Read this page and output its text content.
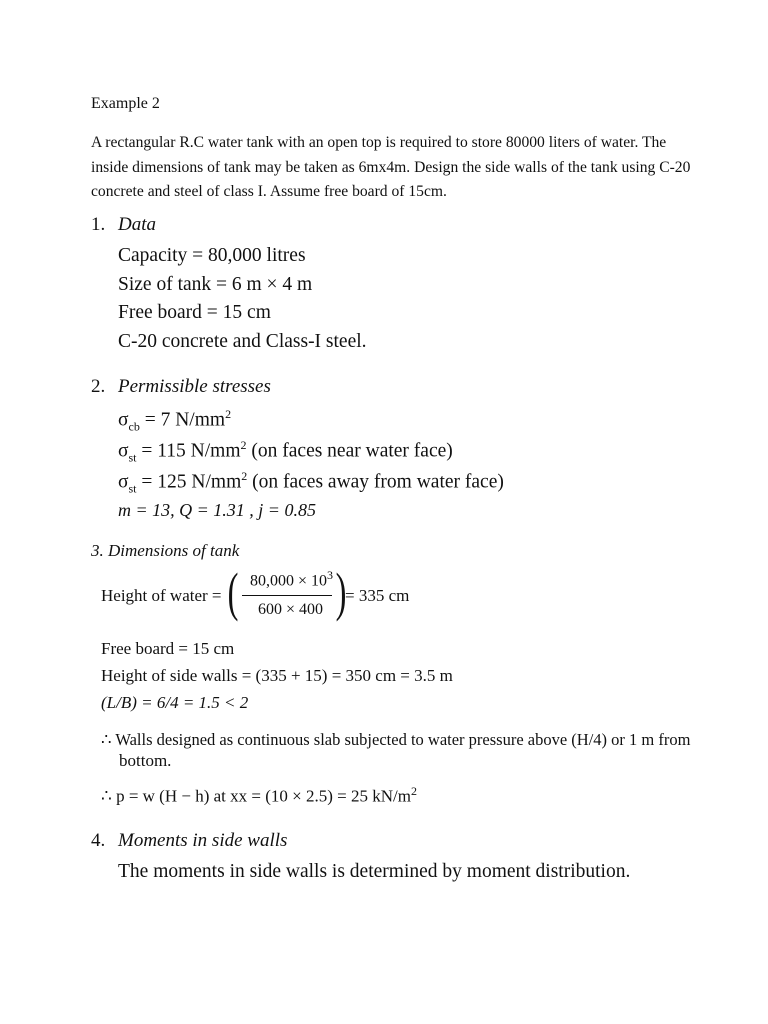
Example 2
A rectangular R.C water tank with an open top is required to store 80000 liters of water. The inside dimensions of tank may be taken as 6mx4m. Design the side walls of the tank using C-20 concrete and steel of class I. Assume free board of 15cm.
1. Data
Capacity = 80,000 litres
Size of tank = 6 m × 4 m
Free board = 15 cm
C-20 concrete and Class-I steel.
2. Permissible stresses
$\sigma_{cb} = 7$ $N/mm^2$
$\sigma_{st} = 115$ $N/mm^2$ (on faces near water face)
$\sigma_{st} = 125$ $N/mm^2$ (on faces away from water face)
m = 13, Q = 1.31 , j = 0.85
3. Dimensions of tank
Height of water = ( $80,000 \times 10^3$
600 × 400 )
= 335 cm
Free board = 15 cm
Height of side walls = (335 + 15) = 350 cm = 3.5 m
(L/B) = 6/4 = 1.5 < 2
∴ Walls designed as continuous slab subjected to water pressure above (H/4) or 1 m from
bottom.
∴ p = w (H − h) at xx = (10 × 2.5) = 25 $kN/m^2$
4. Moments in side walls
The moments in side walls is determined by moment distribution.
